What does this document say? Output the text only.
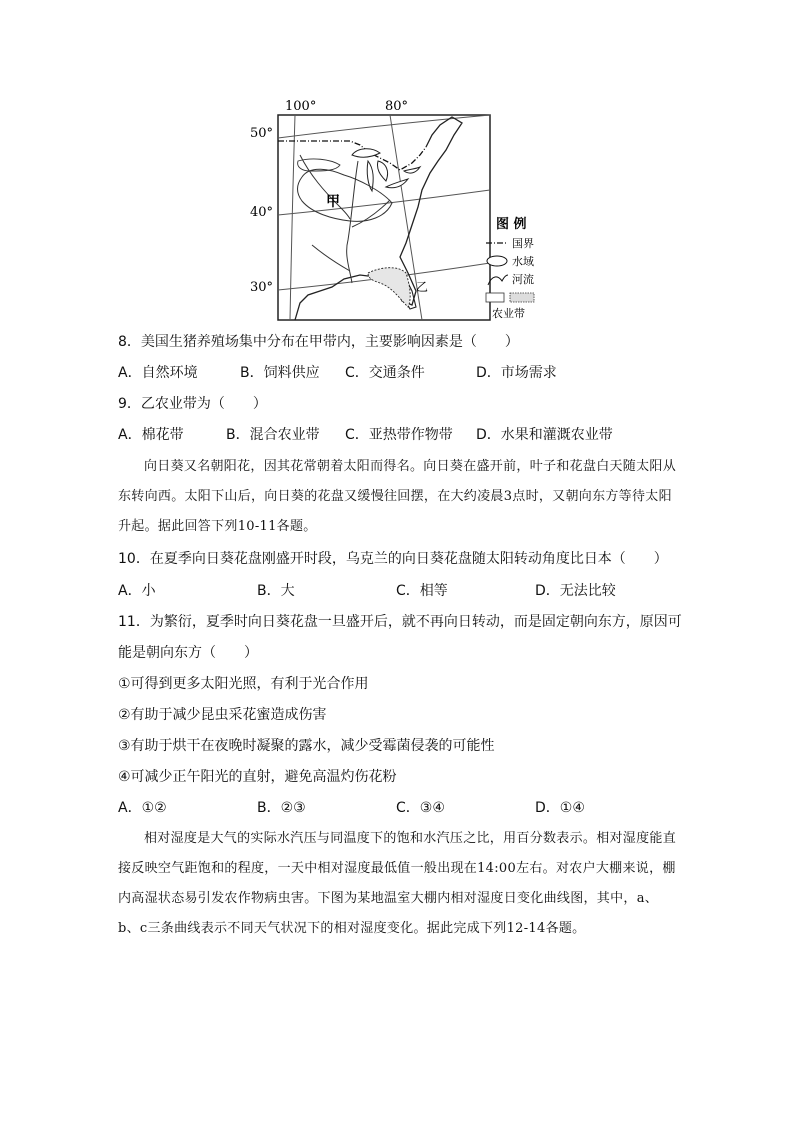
100°	80°
50°
40°
30°
甲
乙
图 例
国界
水域
河流
农业带
8．美国生猪养殖场集中分布在甲带内，主要影响因素是（　　）
A．自然环境	B．饲料供应 C．交通条件	D．市场需求
9．乙农业带为（　　）
A．棉花带	B．混合农业带 C．亚热带作物带 D．水果和灌溉农业带
向日葵又名朝阳花，因其花常朝着太阳而得名。向日葵在盛开前，叶子和花盘白天随太阳从东转向西。太阳下山后，向日葵的花盘又缓慢往回摆，在大约凌晨3点时，又朝向东方等待太阳升起。据此回答下列10-11各题。
10．在夏季向日葵花盘刚盛开时段，乌克兰的向日葵花盘随太阳转动角度比日本（　　）
A．小	B．大	C．相等	D．无法比较
11．为繁衍，夏季时向日葵花盘一旦盛开后，就不再向日转动，而是固定朝向东方，原因可
能是朝向东方（　　）
①可得到更多太阳光照，有利于光合作用
②有助于减少昆虫采花蜜造成伤害
③有助于烘干在夜晚时凝聚的露水，减少受霉菌侵袭的可能性
④可减少正午阳光的直射，避免高温灼伤花粉
A．①②	B．②③	C．③④	D．①④
相对湿度是大气的实际水汽压与同温度下的饱和水汽压之比，用百分数表示。相对湿度能直接反映空气距饱和的程度，一天中相对湿度最低值一般出现在14:00左右。对农户大棚来说，棚内高湿状态易引发农作物病虫害。下图为某地温室大棚内相对湿度日变化曲线图，其中，a、b、c三条曲线表示不同天气状况下的相对湿度变化。据此完成下列12-14各题。
